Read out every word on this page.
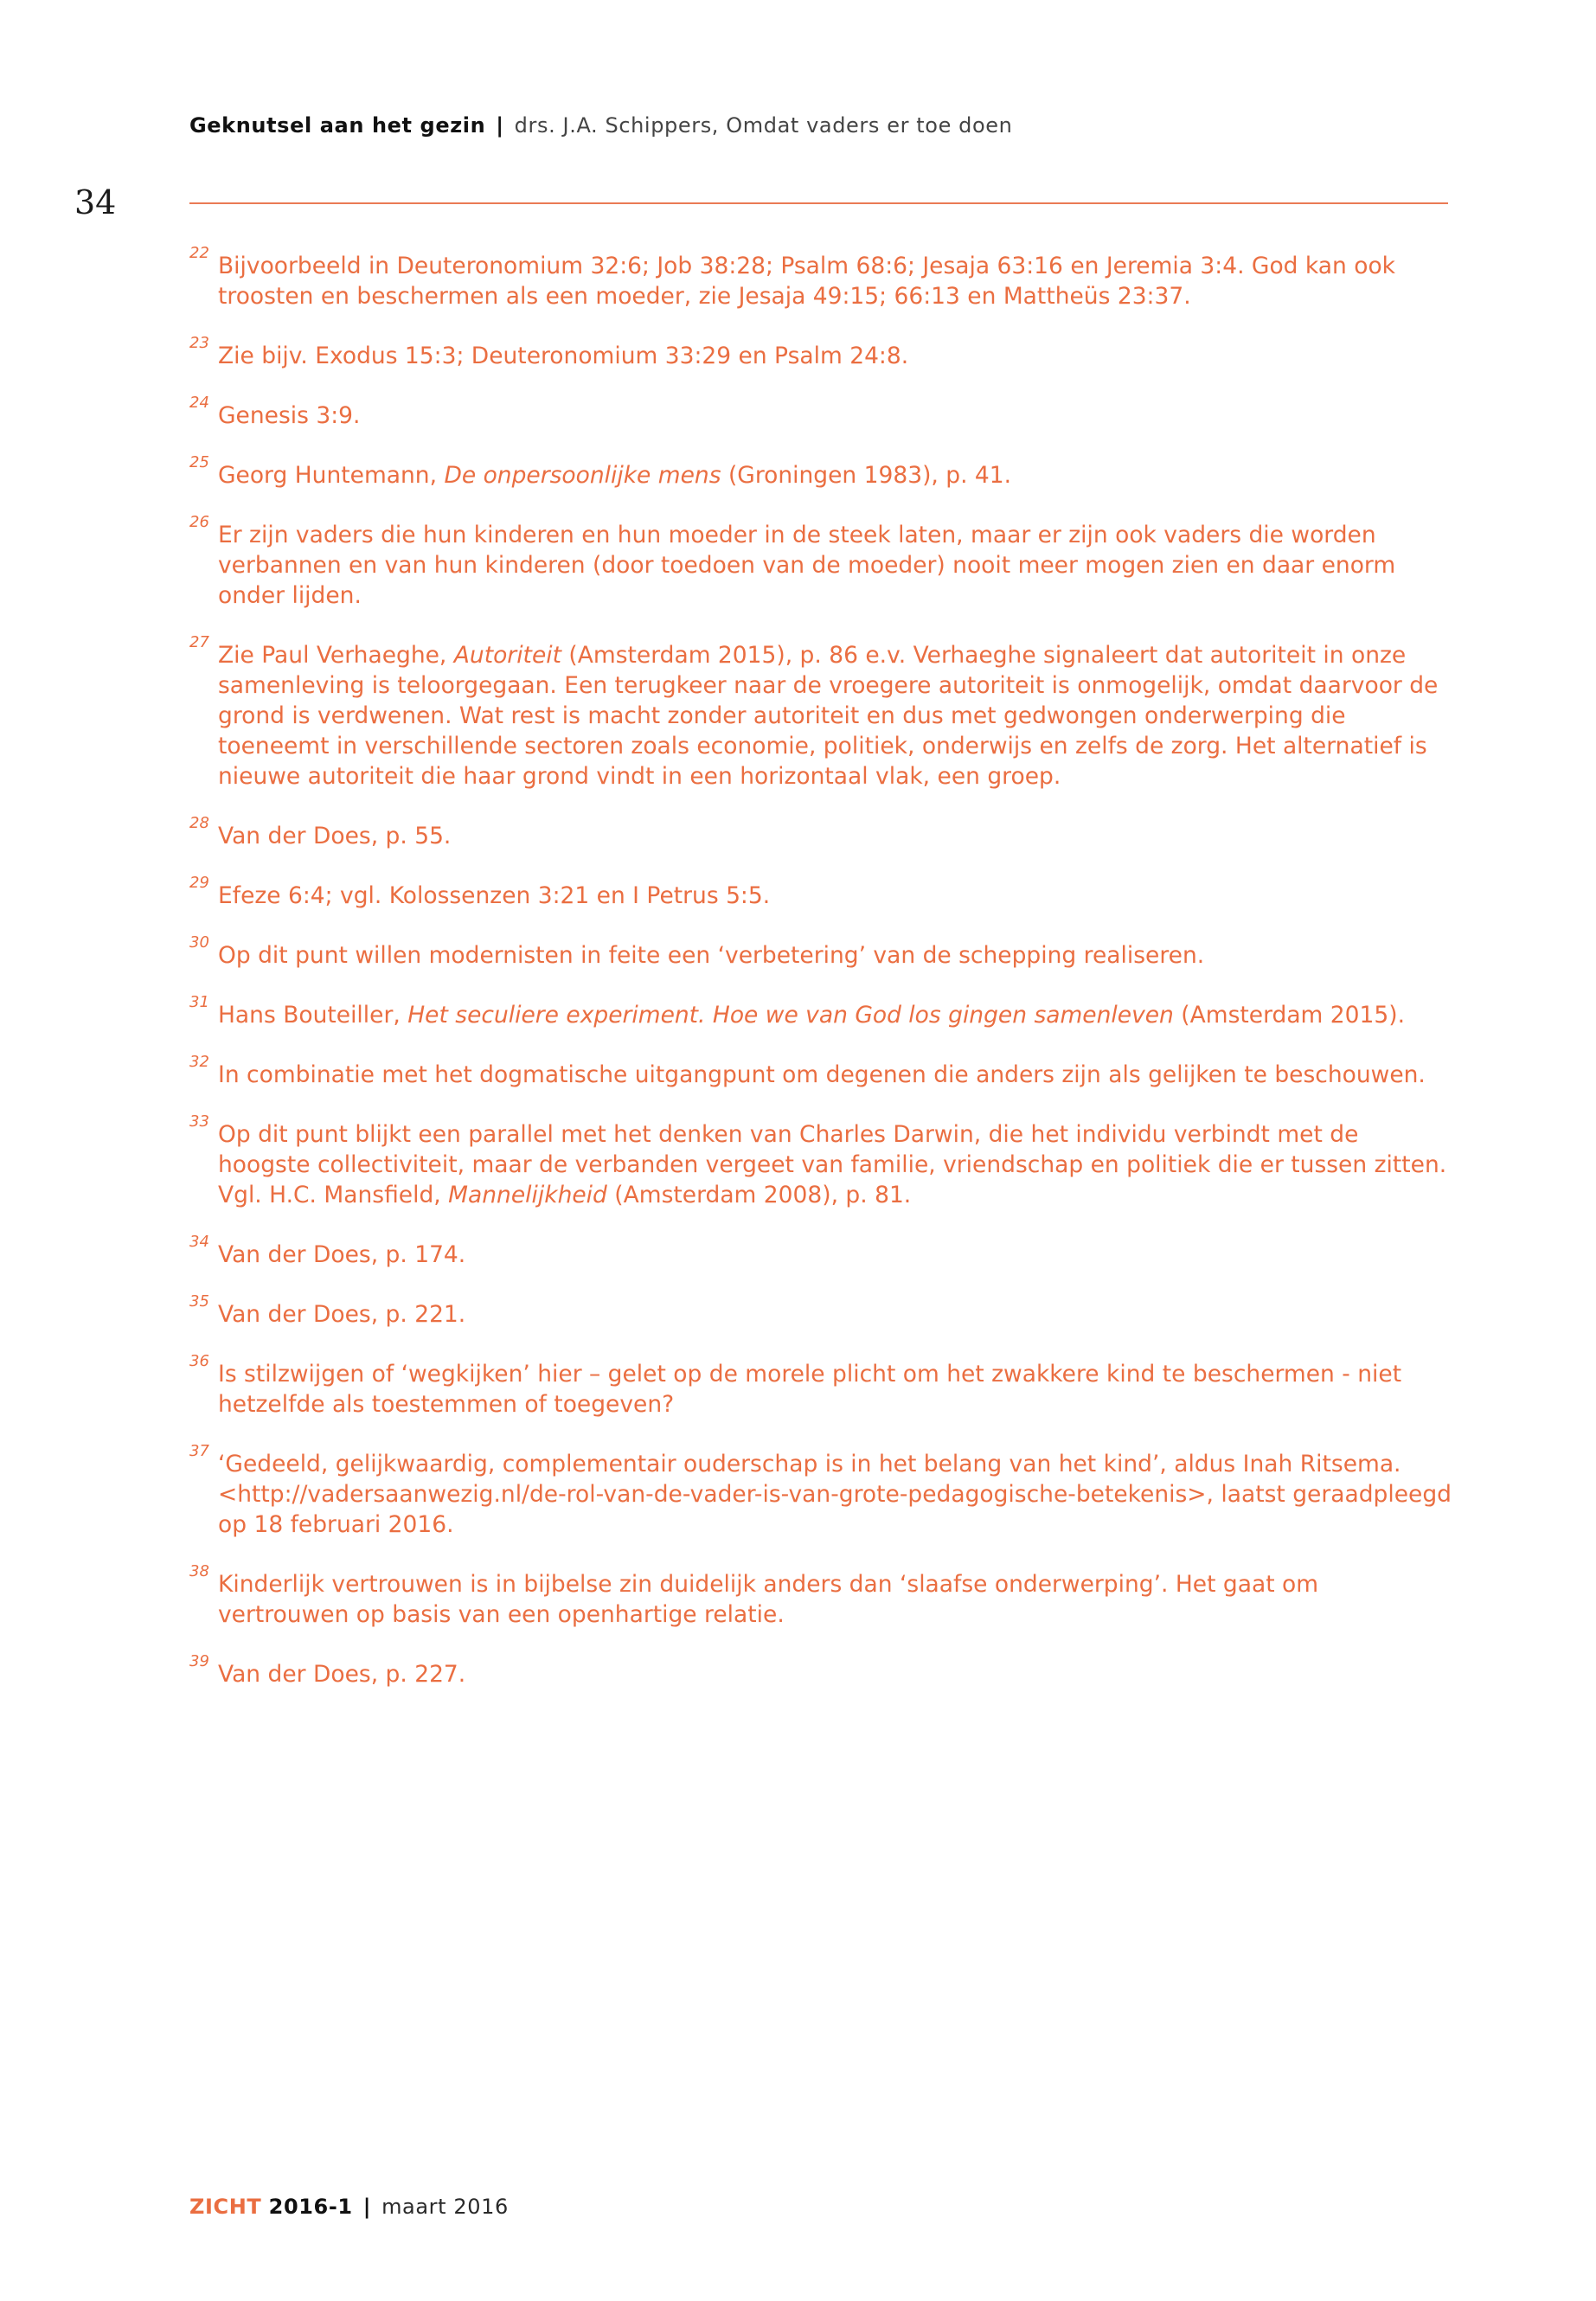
Geknutsel aan het gezin | drs. J.A. Schippers, Omdat vaders er toe doen
34
22 Bijvoorbeeld in Deuteronomium 32:6; Job 38:28; Psalm 68:6; Jesaja 63:16 en Jeremia 3:4. God kan ook troosten en beschermen als een moeder, zie Jesaja 49:15; 66:13 en Mattheüs 23:37.
23 Zie bijv. Exodus 15:3; Deuteronomium 33:29 en Psalm 24:8.
24 Genesis 3:9.
25 Georg Huntemann, De onpersoonlijke mens (Groningen 1983), p. 41.
26 Er zijn vaders die hun kinderen en hun moeder in de steek laten, maar er zijn ook vaders die worden verbannen en van hun kinderen (door toedoen van de moeder) nooit meer mogen zien en daar enorm onder lijden.
27 Zie Paul Verhaeghe, Autoriteit (Amsterdam 2015), p. 86 e.v. Verhaeghe signaleert dat autoriteit in onze samenleving is teloorgegaan. Een terugkeer naar de vroegere autoriteit is onmogelijk, omdat daarvoor de grond is verdwenen. Wat rest is macht zonder autoriteit en dus met gedwongen onderwerping die toeneemt in verschillende sectoren zoals economie, politiek, onderwijs en zelfs de zorg. Het alternatief is nieuwe autoriteit die haar grond vindt in een horizontaal vlak, een groep.
28 Van der Does, p. 55.
29 Efeze 6:4; vgl. Kolossenzen 3:21 en I Petrus 5:5.
30 Op dit punt willen modernisten in feite een ‘verbetering’ van de schepping realiseren.
31 Hans Bouteiller, Het seculiere experiment. Hoe we van God los gingen samenleven (Amsterdam 2015).
32 In combinatie met het dogmatische uitgangpunt om degenen die anders zijn als gelijken te beschouwen.
33 Op dit punt blijkt een parallel met het denken van Charles Darwin, die het individu verbindt met de hoogste collectiviteit, maar de verbanden vergeet van familie, vriendschap en politiek die er tussen zitten. Vgl. H.C. Mansfield, Mannelijkheid (Amsterdam 2008), p. 81.
34 Van der Does, p. 174.
35 Van der Does, p. 221.
36 Is stilzwijgen of ‘wegkijken’ hier – gelet op de morele plicht om het zwakkere kind te beschermen - niet hetzelfde als toestemmen of toegeven?
37 ‘Gedeeld, gelijkwaardig, complementair ouderschap is in het belang van het kind’, aldus Inah Ritsema. <http://vadersaanwezig.nl/de-rol-van-de-vader-is-van-grote-pedagogische-betekenis>, laatst geraadpleegd op 18 februari 2016.
38 Kinderlijk vertrouwen is in bijbelse zin duidelijk anders dan ‘slaafse onderwerping’. Het gaat om vertrouwen op basis van een openhartige relatie.
39 Van der Does, p. 227.
ZICHT 2016-1 | maart 2016
